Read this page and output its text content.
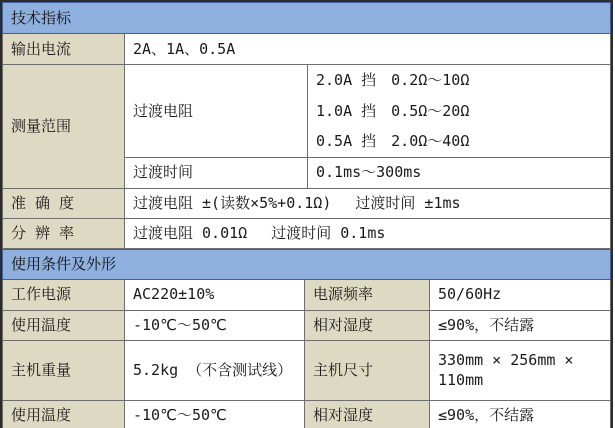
技术指标		
输出电流	2A、1A、0.5A	
测量范围	过渡电阻	2.0A 挡　0.2Ω～10Ω
1.0A 挡　0.5Ω～20Ω
0.5A 挡　2.0Ω～40Ω

	过渡时间	0.1ms～300ms
准 确 度	过渡电阻 ±(读数×5%+0.1Ω)　 过渡时间 ±1ms	
分 辨 率	过渡电阻 0.01Ω　 过渡时间 0.1ms	
使用条件及外形			
工作电源	AC220±10%	电源频率	50/60Hz
使用温度	-10℃～50℃	相对湿度	≤90%，不结露
主机重量	5.2kg （不含测试线）	主机尺寸	330mm × 256mm × 110mm
使用温度	-10℃～50℃	相对湿度	≤90%，不结露
